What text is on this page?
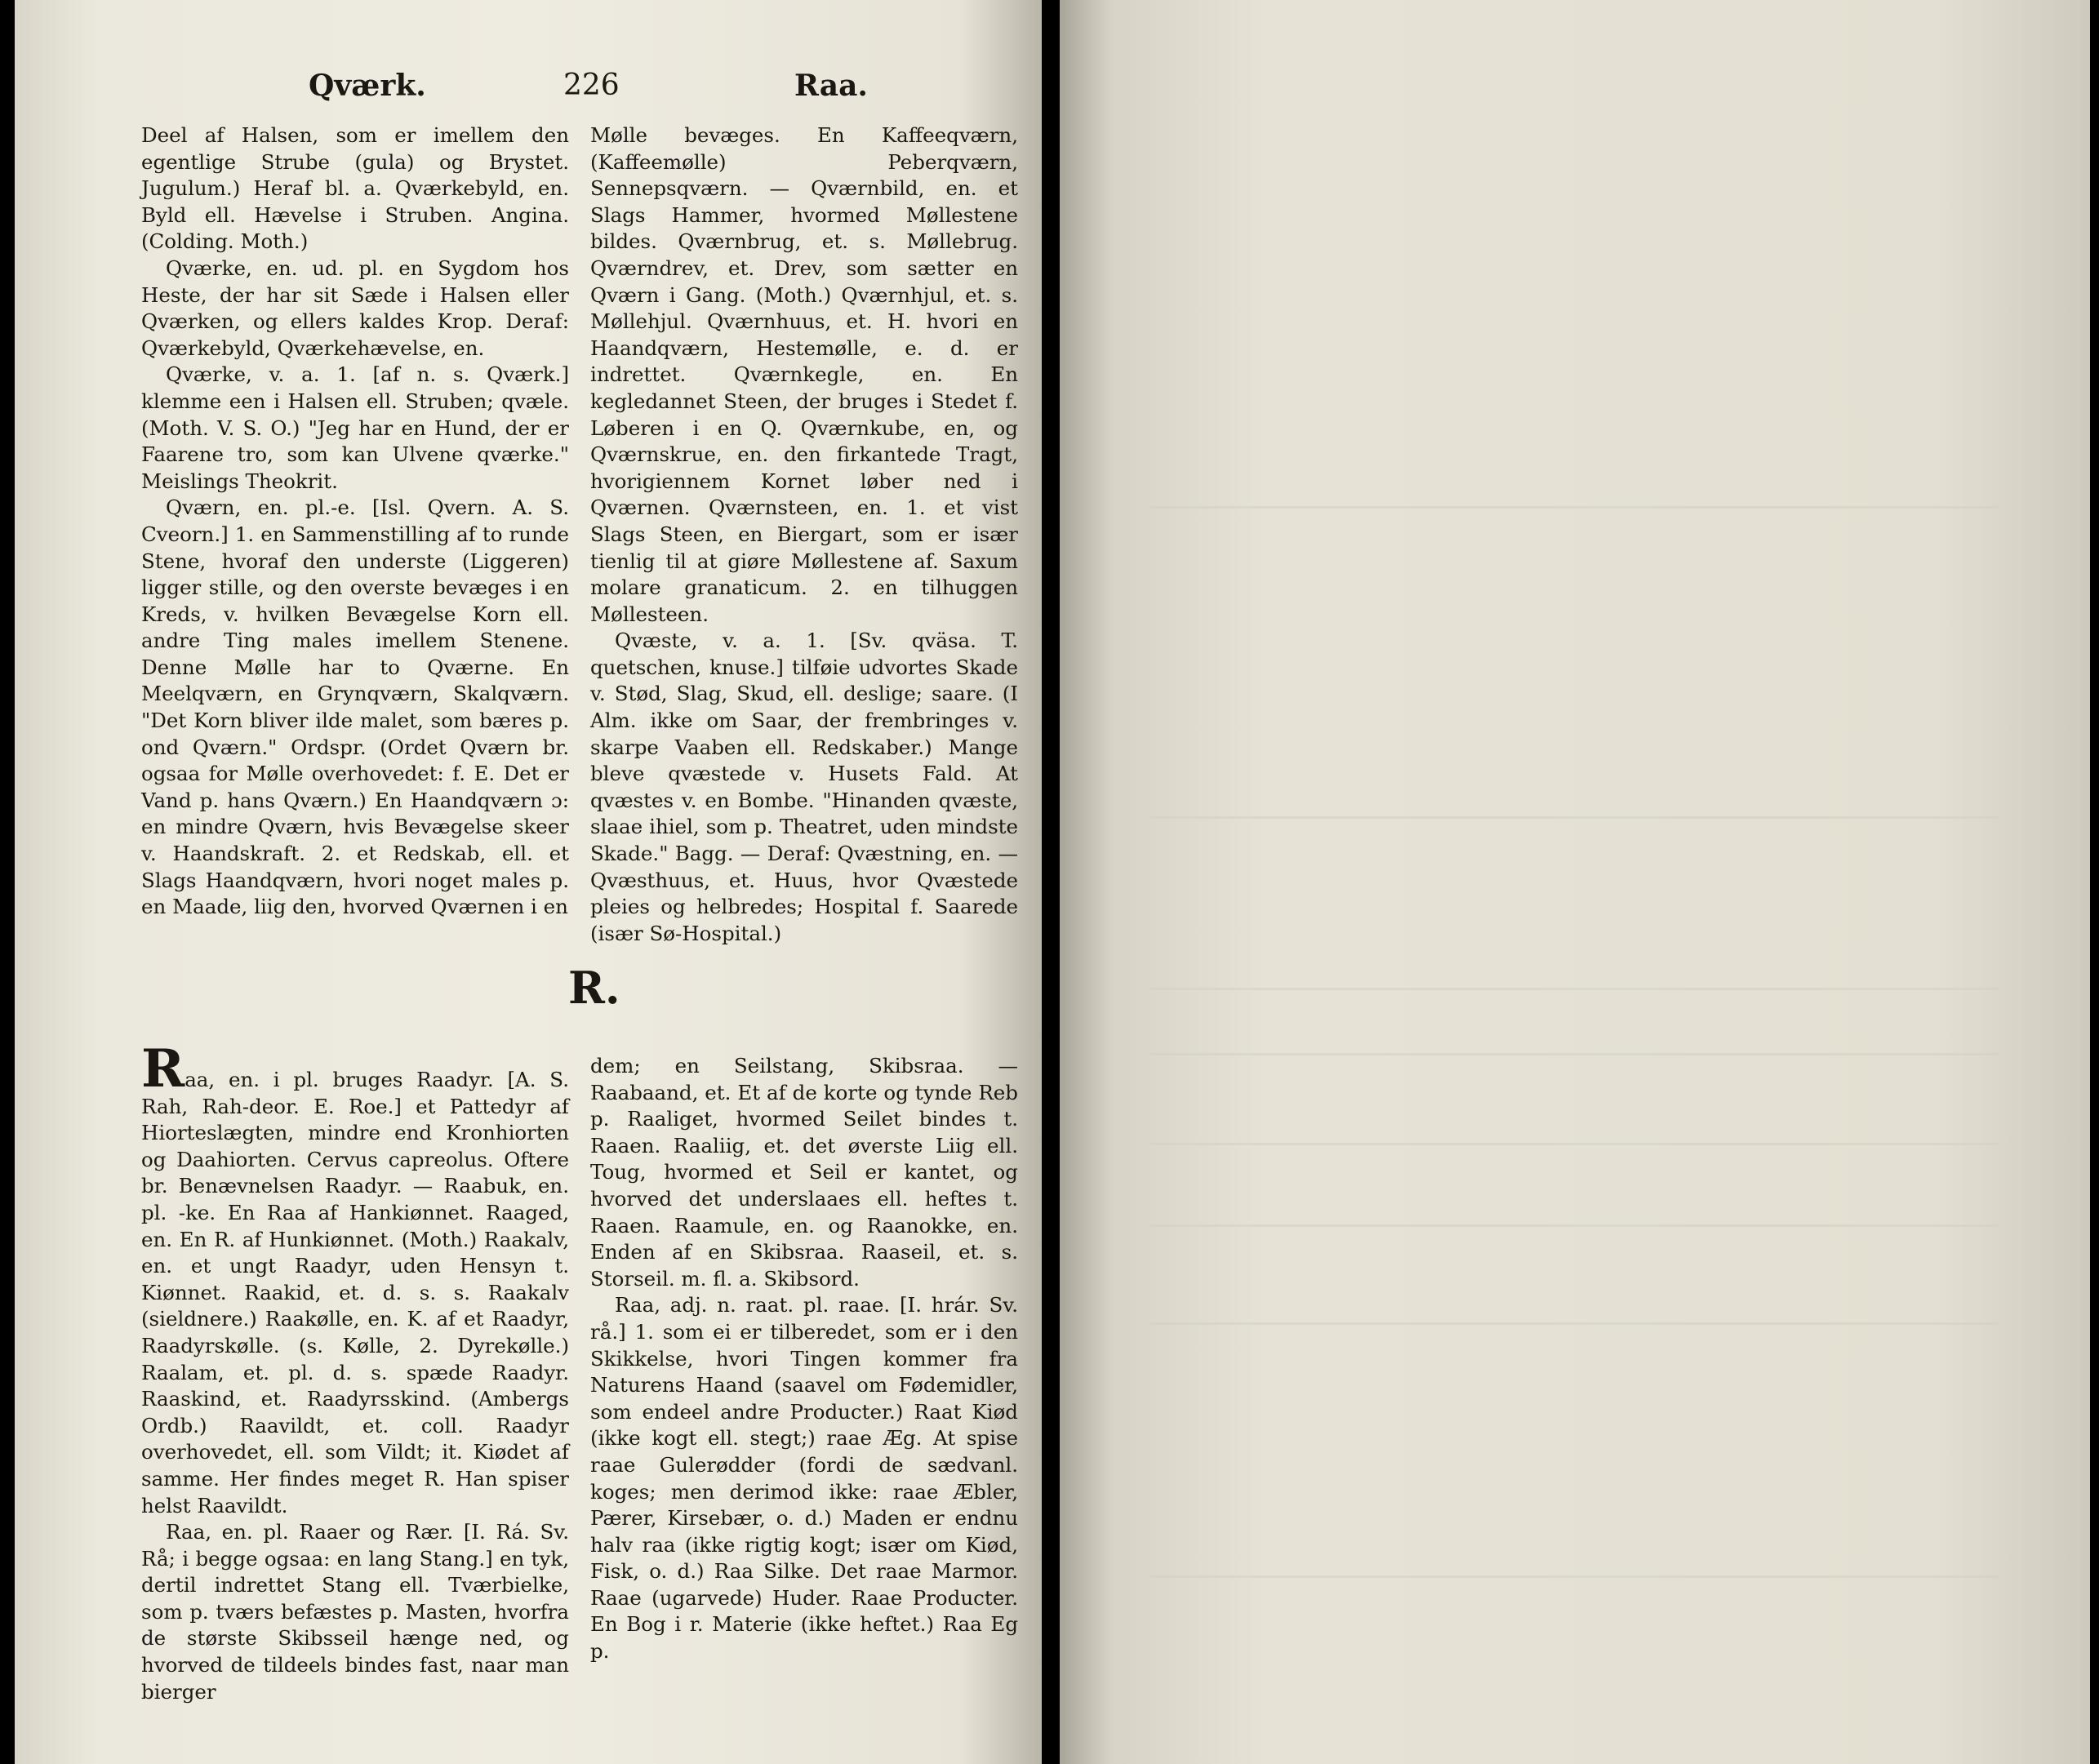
Qværk.	226	Raa.

Deel af Halsen, som er imellem den egentlige Strube (gula) og Brystet. Jugulum.) Heraf bl. a. Qværkebyld, en. Byld ell. Hævelse i Struben. Angina. (Colding. Moth.)

Qværke, en. ud. pl. en Sygdom hos Heste, der har sit Sæde i Halsen eller Qværken, og ellers kaldes Krop. Deraf: Qværkebyld, Qværkehævelse, en.

Qværke, v. a. 1. [af n. s. Qværk.] klemme een i Halsen ell. Struben; qvæle. (Moth. V. S. O.) "Jeg har en Hund, der er Faarene tro, som kan Ulvene qværke." Meislings Theokrit.

Qværn, en. pl.-e. [Isl. Qvern. A. S. Cveorn.] 1. en Sammenstilling af to runde Stene, hvoraf den underste (Liggeren) ligger stille, og den overste bevæges i en Kreds, v. hvilken Bevægelse Korn ell. andre Ting males imellem Stenene. Denne Mølle har to Qværne. En Meelqværn, en Grynqværn, Skalqværn. "Det Korn bliver ilde malet, som bæres p. ond Qværn." Ordspr. (Ordet Qværn br. ogsaa for Mølle overhovedet: f. E. Det er Vand p. hans Qværn.) En Haandqværn ɔ: en mindre Qværn, hvis Bevægelse skeer v. Haandskraft. 2. et Redskab, ell. et Slags Haandqværn, hvori noget males p. en Maade, liig den, hvorved Qværnen i en

Mølle bevæges. En Kaffeeqværn, (Kaffeemølle) Peberqværn, Sennepsqværn. — Qværnbild, en. et Slags Hammer, hvormed Møllestene bildes. Qværnbrug, et. s. Møllebrug. Qværndrev, et. Drev, som sætter en Qværn i Gang. (Moth.) Qværnhjul, et. s. Møllehjul. Qværnhuus, et. H. hvori en Haandqværn, Hestemølle, e. d. er indrettet. Qværnkegle, en. En kegledannet Steen, der bruges i Stedet f. Løberen i en Q. Qværnkube, en, og Qværnskrue, en. den firkantede Tragt, hvorigiennem Kornet løber ned i Qværnen. Qværnsteen, en. 1. et vist Slags Steen, en Biergart, som er især tienlig til at giøre Møllestene af. Saxum molare granaticum. 2. en tilhuggen Møllesteen.

Qvæste, v. a. 1. [Sv. qväsa. T. quetschen, knuse.] tilføie udvortes Skade v. Stød, Slag, Skud, ell. deslige; saare. (I Alm. ikke om Saar, der frembringes v. skarpe Vaaben ell. Redskaber.) Mange bleve qvæstede v. Husets Fald. At qvæstes v. en Bombe. "Hinanden qvæste, slaae ihiel, som p. Theatret, uden mindste Skade." Bagg. — Deraf: Qvæstning, en. — Qvæsthuus, et. Huus, hvor Qvæstede pleies og helbredes; Hospital f. Saarede (især Sø-Hospital.)

R.

Raa, en. i pl. bruges Raadyr. [A. S. Rah, Rah-deor. E. Roe.] et Pattedyr af Hiorteslægten, mindre end Kronhiorten og Daahiorten. Cervus capreolus. Oftere br. Benævnelsen Raadyr. — Raabuk, en. pl. -ke. En Raa af Hankiønnet. Raaged, en. En R. af Hunkiønnet. (Moth.) Raakalv, en. et ungt Raadyr, uden Hensyn t. Kiønnet. Raakid, et. d. s. s. Raakalv (sieldnere.) Raakølle, en. K. af et Raadyr, Raadyrskølle. (s. Kølle, 2. Dyrekølle.) Raalam, et. pl. d. s. spæde Raadyr. Raaskind, et. Raadyrsskind. (Ambergs Ordb.) Raavildt, et. coll. Raadyr overhovedet, ell. som Vildt; it. Kiødet af samme. Her findes meget R. Han spiser helst Raavildt.

Raa, en. pl. Raaer og Rær. [I. Rá. Sv. Rå; i begge ogsaa: en lang Stang.] en tyk, dertil indrettet Stang ell. Tværbielke, som p. tværs befæstes p. Masten, hvorfra de største Skibsseil hænge ned, og hvorved de tildeels bindes fast, naar man bierger

dem; en Seilstang, Skibsraa. — Raabaand, et. Et af de korte og tynde Reb p. Raaliget, hvormed Seilet bindes t. Raaen. Raaliig, et. det øverste Liig ell. Toug, hvormed et Seil er kantet, og hvorved det underslaaes ell. heftes t. Raaen. Raamule, en. og Raanokke, en. Enden af en Skibsraa. Raaseil, et. s. Storseil. m. fl. a. Skibsord.

Raa, adj. n. raat. pl. raae. [I. hrár. Sv. rå.] 1. som ei er tilberedet, som er i den Skikkelse, hvori Tingen kommer fra Naturens Haand (saavel om Fødemidler, som endeel andre Producter.) Raat Kiød (ikke kogt ell. stegt;) raae Æg. At spise raae Gulerødder (fordi de sædvanl. koges; men derimod ikke: raae Æbler, Pærer, Kirsebær, o. d.) Maden er endnu halv raa (ikke rigtig kogt; især om Kiød, Fisk, o. d.) Raa Silke. Det raae Marmor. Raae (ugarvede) Huder. Raae Producter. En Bog i r. Materie (ikke heftet.) Raa Eg p.
